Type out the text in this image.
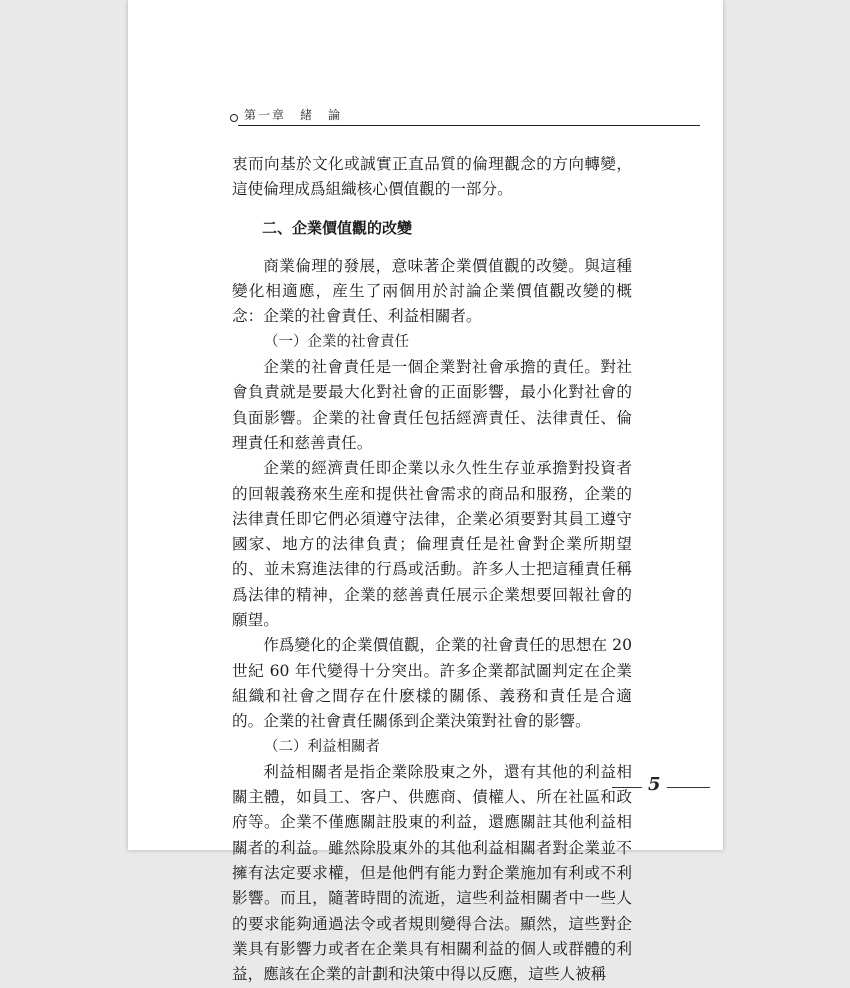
第一章　緒　論

衷而向基於文化或誠實正直品質的倫理觀念的方向轉變，這使倫理成爲組織核心價值觀的一部分。

二、企業價值觀的改變

商業倫理的發展，意味著企業價值觀的改變。與這種變化相適應，産生了兩個用於討論企業價值觀改變的概念：企業的社會責任、利益相關者。

（一）企業的社會責任

企業的社會責任是一個企業對社會承擔的責任。對社會負責就是要最大化對社會的正面影響，最小化對社會的負面影響。企業的社會責任包括經濟責任、法律責任、倫理責任和慈善責任。

企業的經濟責任即企業以永久性生存並承擔對投資者的回報義務來生産和提供社會需求的商品和服務，企業的法律責任即它們必須遵守法律，企業必須要對其員工遵守國家、地方的法律負責；倫理責任是社會對企業所期望的、並未寫進法律的行爲或活動。許多人士把這種責任稱爲法律的精神，企業的慈善責任展示企業想要回報社會的願望。

作爲變化的企業價值觀，企業的社會責任的思想在 20 世紀 60 年代變得十分突出。許多企業都試圖判定在企業組織和社會之間存在什麽樣的關係、義務和責任是合適的。企業的社會責任關係到企業決策對社會的影響。

（二）利益相關者

利益相關者是指企業除股東之外，還有其他的利益相關主體，如員工、客户、供應商、債權人、所在社區和政府等。企業不僅應關註股東的利益，還應關註其他利益相關者的利益。雖然除股東外的其他利益相關者對企業並不擁有法定要求權，但是他們有能力對企業施加有利或不利影響。而且，隨著時間的流逝，這些利益相關者中一些人的要求能夠通過法令或者規則變得合法。顯然，這些對企業具有影響力或者在企業具有相關利益的個人或群體的利益，應該在企業的計劃和決策中得以反應，這些人被稱

5
